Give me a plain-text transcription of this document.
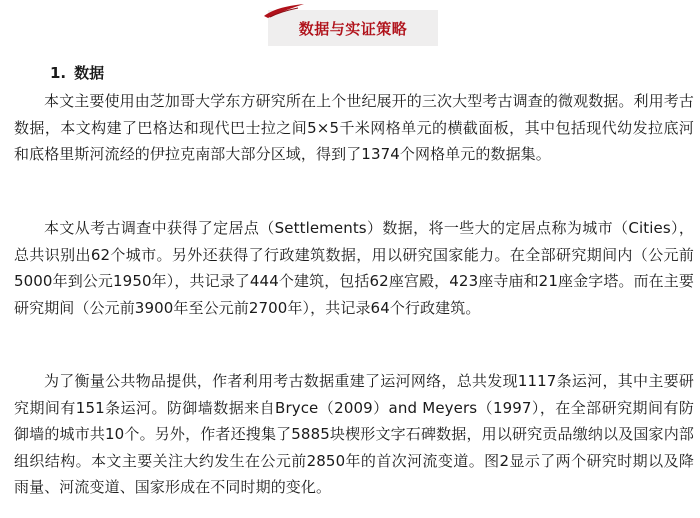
数据与实证策略
1. 数据

本文主要使用由芝加哥大学东方研究所在上个世纪展开的三次大型考古调查的微观数据。利用考古数据，本文构建了巴格达和现代巴士拉之间5×5千米网格单元的横截面板，其中包括现代幼发拉底河和底格里斯河流经的伊拉克南部大部分区域，得到了1374个网格单元的数据集。

本文从考古调查中获得了定居点（Settlements）数据，将一些大的定居点称为城市（Cities），总共识别出62个城市。另外还获得了行政建筑数据，用以研究国家能力。在全部研究期间内（公元前5000年到公元1950年），共记录了444个建筑，包括62座宫殿，423座寺庙和21座金字塔。而在主要研究期间（公元前3900年至公元前2700年），共记录64个行政建筑。

为了衡量公共物品提供，作者利用考古数据重建了运河网络，总共发现1117条运河，其中主要研究期间有151条运河。防御墙数据来自Bryce（2009）and Meyers（1997），在全部研究期间有防御墙的城市共10个。另外，作者还搜集了5885块楔形文字石碑数据，用以研究贡品缴纳以及国家内部组织结构。本文主要关注大约发生在公元前2850年的首次河流变道。图2显示了两个研究时期以及降雨量、河流变道、国家形成在不同时期的变化。
